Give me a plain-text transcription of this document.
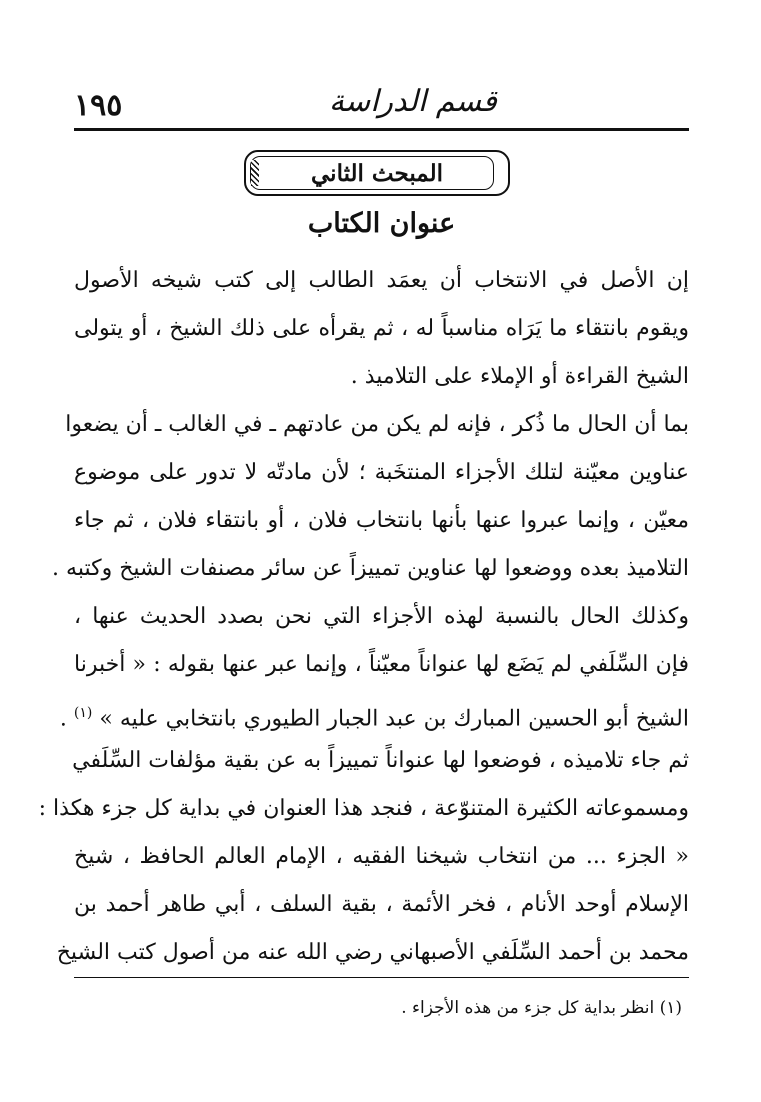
١٩٥	قسم الدراسة
المبحث الثاني
عنوان الكتاب
إن الأصل في الانتخاب أن يعمَد الطالب إلى كتب شيخه الأصول
ويقوم بانتقاء ما يَرَاه مناسباً له ، ثم يقرأه على ذلك الشيخ ، أو يتولى
الشيخ القراءة أو الإملاء على التلاميذ .
بما أن الحال ما ذُكر ، فإنه لم يكن من عادتهم ـ في الغالب ـ أن يضعوا
عناوين معيّنة لتلك الأجزاء المنتخَبة ؛ لأن مادتّه لا تدور على موضوع
معيّن ، وإنما عبروا عنها بأنها بانتخاب فلان ، أو بانتقاء فلان ، ثم جاء
التلاميذ بعده ووضعوا لها عناوين تمييزاً عن سائر مصنفات الشيخ وكتبه .
وكذلك الحال بالنسبة لهذه الأجزاء التي نحن بصدد الحديث عنها ،
فإن السِّلَفي لم يَضَع لها عنواناً معيّناً ، وإنما عبر عنها بقوله : « أخبرنا
الشيخ أبو الحسين المبارك بن عبد الجبار الطيوري بانتخابي عليه » $^{(١)}$ .
ثم جاء تلاميذه ، فوضعوا لها عنواناً تمييزاً به عن بقية مؤلفات السِّلَفي
ومسموعاته الكثيرة المتنوّعة ، فنجد هذا العنوان في بداية كل جزء هكذا :
« الجزء ... من انتخاب شيخنا الفقيه ، الإمام العالم الحافظ ، شيخ
الإسلام أوحد الأنام ، فخر الأئمة ، بقية السلف ، أبي طاهر أحمد بن
محمد بن أحمد السِّلَفي الأصبهاني رضي الله عنه من أصول كتب الشيخ
(١) انظر بداية كل جزء من هذه الأجزاء .
